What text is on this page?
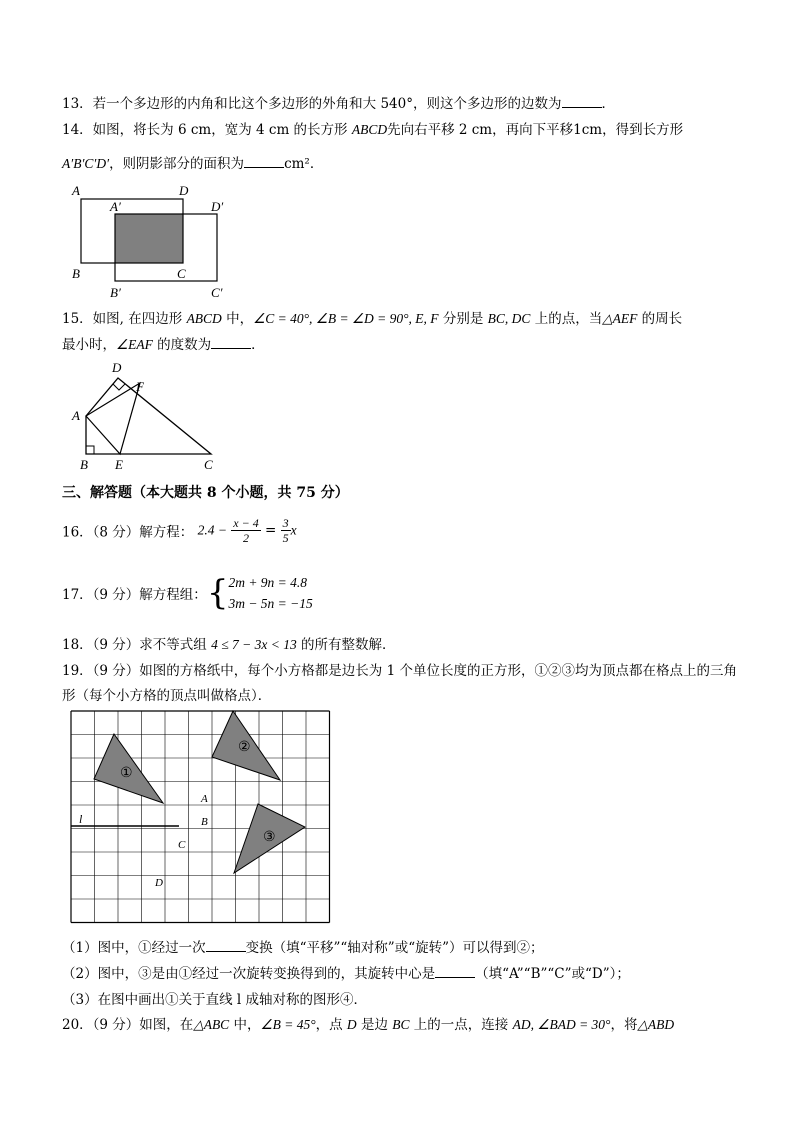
13．若一个多边形的内角和比这个多边形的外角和大 540°，则这个多边形的边数为	．
14．如图，将长为 6 cm，宽为 4 cm 的长方形 ABCD先向右平移 2 cm，再向下平移1cm，得到长方形
A′B′C′D′，则阴影部分的面积为	cm²．
A	D
A′	D′
B	C
B′	C′
15．如图, 在四边形 ABCD 中，∠C = 40°, ∠B = ∠D = 90°, E, F 分别是 BC, DC 上的点，当△AEF 的周长
最小时，∠EAF 的度数为	．
D
F
A
B E	C
三、解答题（本大题共 8 个小题，共 75 分）
16．（8 分）解方程： $2.4 - \frac{x - 4}{2} = \frac{3}{5}$ x
17．（9 分）解方程组：{ 2m + 9n = 4.8
3m − 5n = −15
18．（9 分）求不等式组 4 ≤ 7 − 3x < 13 的所有整数解．
19．（9 分）如图的方格纸中，每个小方格都是边长为 1 个单位长度的正方形，①②③均为顶点都在格点上的三角
形（每个小方格的顶点叫做格点）．
①
②
③
l
A
B
C
D
（1）图中，①经过一次	变换（填“平移”“轴对称”或“旋转”）可以得到②；
（2）图中，③是由①经过一次旋转变换得到的，其旋转中心是	（填“A”“B”“C”或“D”）；
（3）在图中画出①关于直线 l 成轴对称的图形④．
20．（9 分）如图，在△ABC 中，∠B = 45°，点 D 是边 BC 上的一点，连接 AD, ∠BAD = 30°，将△ABD
